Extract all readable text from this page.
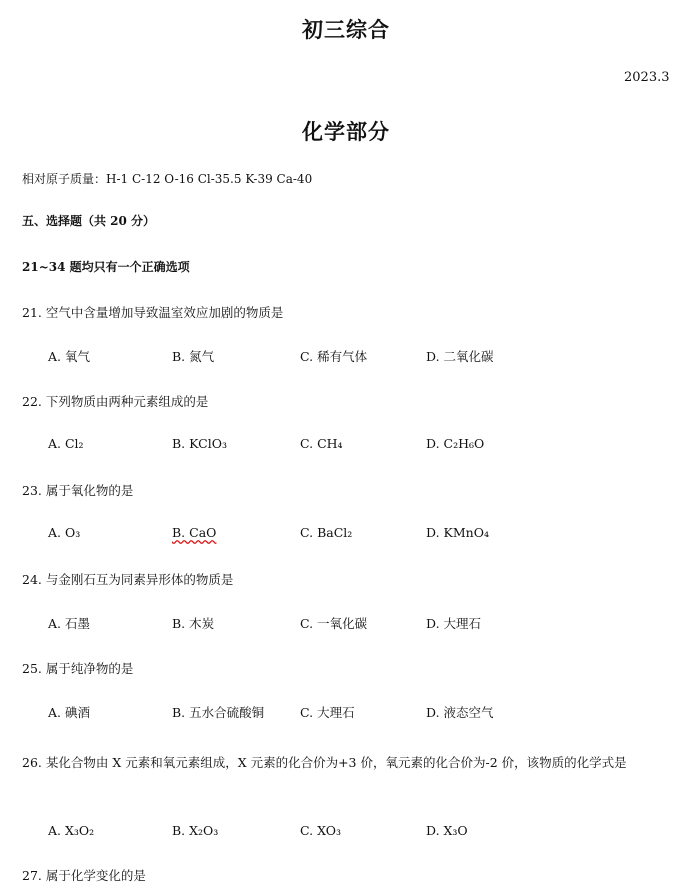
初三综合
2023.3
化学部分
相对原子质量：H-1 C-12 O-16 Cl-35.5 K-39 Ca-40
五、选择题（共 20 分）
21~34 题均只有一个正确选项
21. 空气中含量增加导致温室效应加剧的物质是
A. 氧气	B. 氮气	C. 稀有气体	D. 二氧化碳
22. 下列物质由两种元素组成的是
A. Cl₂	B. KClO₃	C. CH₄	D. C₂H₆O
23. 属于氧化物的是
A. O₃	B. CaO	C. BaCl₂	D. KMnO₄
24. 与金刚石互为同素异形体的物质是
A. 石墨	B. 木炭	C. 一氧化碳	D. 大理石
25. 属于纯净物的是
A. 碘酒	B. 五水合硫酸铜	C. 大理石	D. 液态空气
26. 某化合物由 X 元素和氧元素组成，X 元素的化合价为+3 价，氧元素的化合价为-2 价，该物质的化学式是
A. X₃O₂	B. X₂O₃	C. XO₃	D. X₃O
27. 属于化学变化的是
